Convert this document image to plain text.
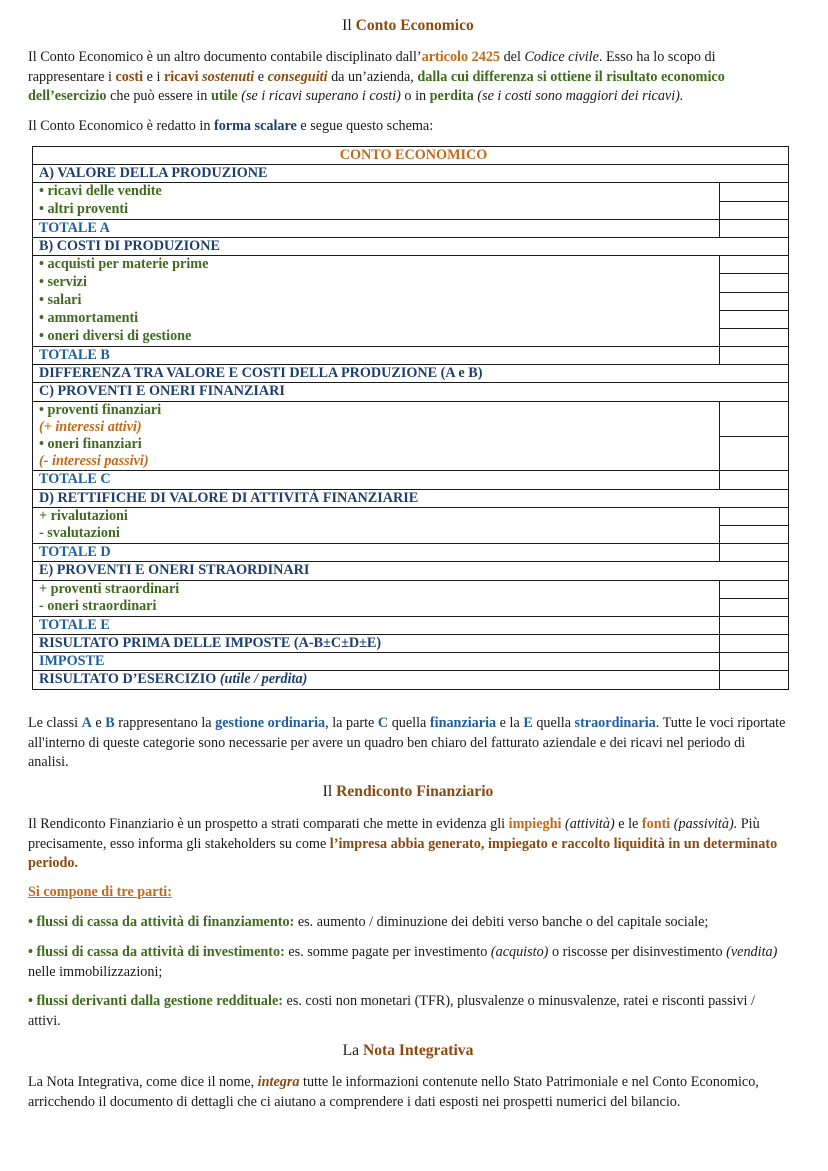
Il Conto Economico

Il Conto Economico è un altro documento contabile disciplinato dall’articolo 2425 del Codice civile. Esso ha lo scopo di rappresentare i costi e i ricavi sostenuti e conseguiti da un’azienda, dalla cui differenza si ottiene il risultato economico dell’esercizio che può essere in utile (se i ricavi superano i costi) o in perdita (se i costi sono maggiori dei ricavi).

Il Conto Economico è redatto in forma scalare e segue questo schema:

CONTO ECONOMICO	
A) VALORE DELLA PRODUZIONE	
• ricavi delle vendite	
• altri proventi	
TOTALE A	
B) COSTI DI PRODUZIONE	
• acquisti per materie prime	
• servizi	
• salari	
• ammortamenti	
• oneri diversi di gestione	
TOTALE B	
DIFFERENZA TRA VALORE E COSTI DELLA PRODUZIONE (A e B)	
C) PROVENTI E ONERI FINANZIARI	
• proventi finanziari	
(+ interessi attivi)	
• oneri finanziari	
(- interessi passivi)	
TOTALE C	
D) RETTIFICHE DI VALORE DI ATTIVITÀ FINANZIARIE	
+ rivalutazioni	
- svalutazioni	
TOTALE D	
E) PROVENTI E ONERI STRAORDINARI	
+ proventi straordinari	
- oneri straordinari	
TOTALE E	
RISULTATO PRIMA DELLE IMPOSTE (A-B±C±D±E)	
IMPOSTE	
RISULTATO D’ESERCIZIO (utile / perdita)	

Le classi A e B rappresentano la gestione ordinaria, la parte C quella finanziaria e la E quella straordinaria. Tutte le voci riportate all'interno di queste categorie sono necessarie per avere un quadro ben chiaro del fatturato aziendale e dei ricavi nel periodo di analisi.

Il Rendiconto Finanziario

Il Rendiconto Finanziario è un prospetto a strati comparati che mette in evidenza gli impieghi (attività) e le fonti (passività). Più precisamente, esso informa gli stakeholders su come l’impresa abbia generato, impiegato e raccolto liquidità in un determinato periodo.

Si compone di tre parti:

• flussi di cassa da attività di finanziamento: es. aumento / diminuzione dei debiti verso banche o del capitale sociale;

• flussi di cassa da attività di investimento: es. somme pagate per investimento (acquisto) o riscosse per disinvestimento (vendita) nelle immobilizzazioni;

• flussi derivanti dalla gestione reddituale: es. costi non monetari (TFR), plusvalenze o minusvalenze, ratei e risconti passivi / attivi.

La Nota Integrativa

La Nota Integrativa, come dice il nome, integra tutte le informazioni contenute nello Stato Patrimoniale e nel Conto Economico, arricchendo il documento di dettagli che ci aiutano a comprendere i dati esposti nei prospetti numerici del bilancio.
